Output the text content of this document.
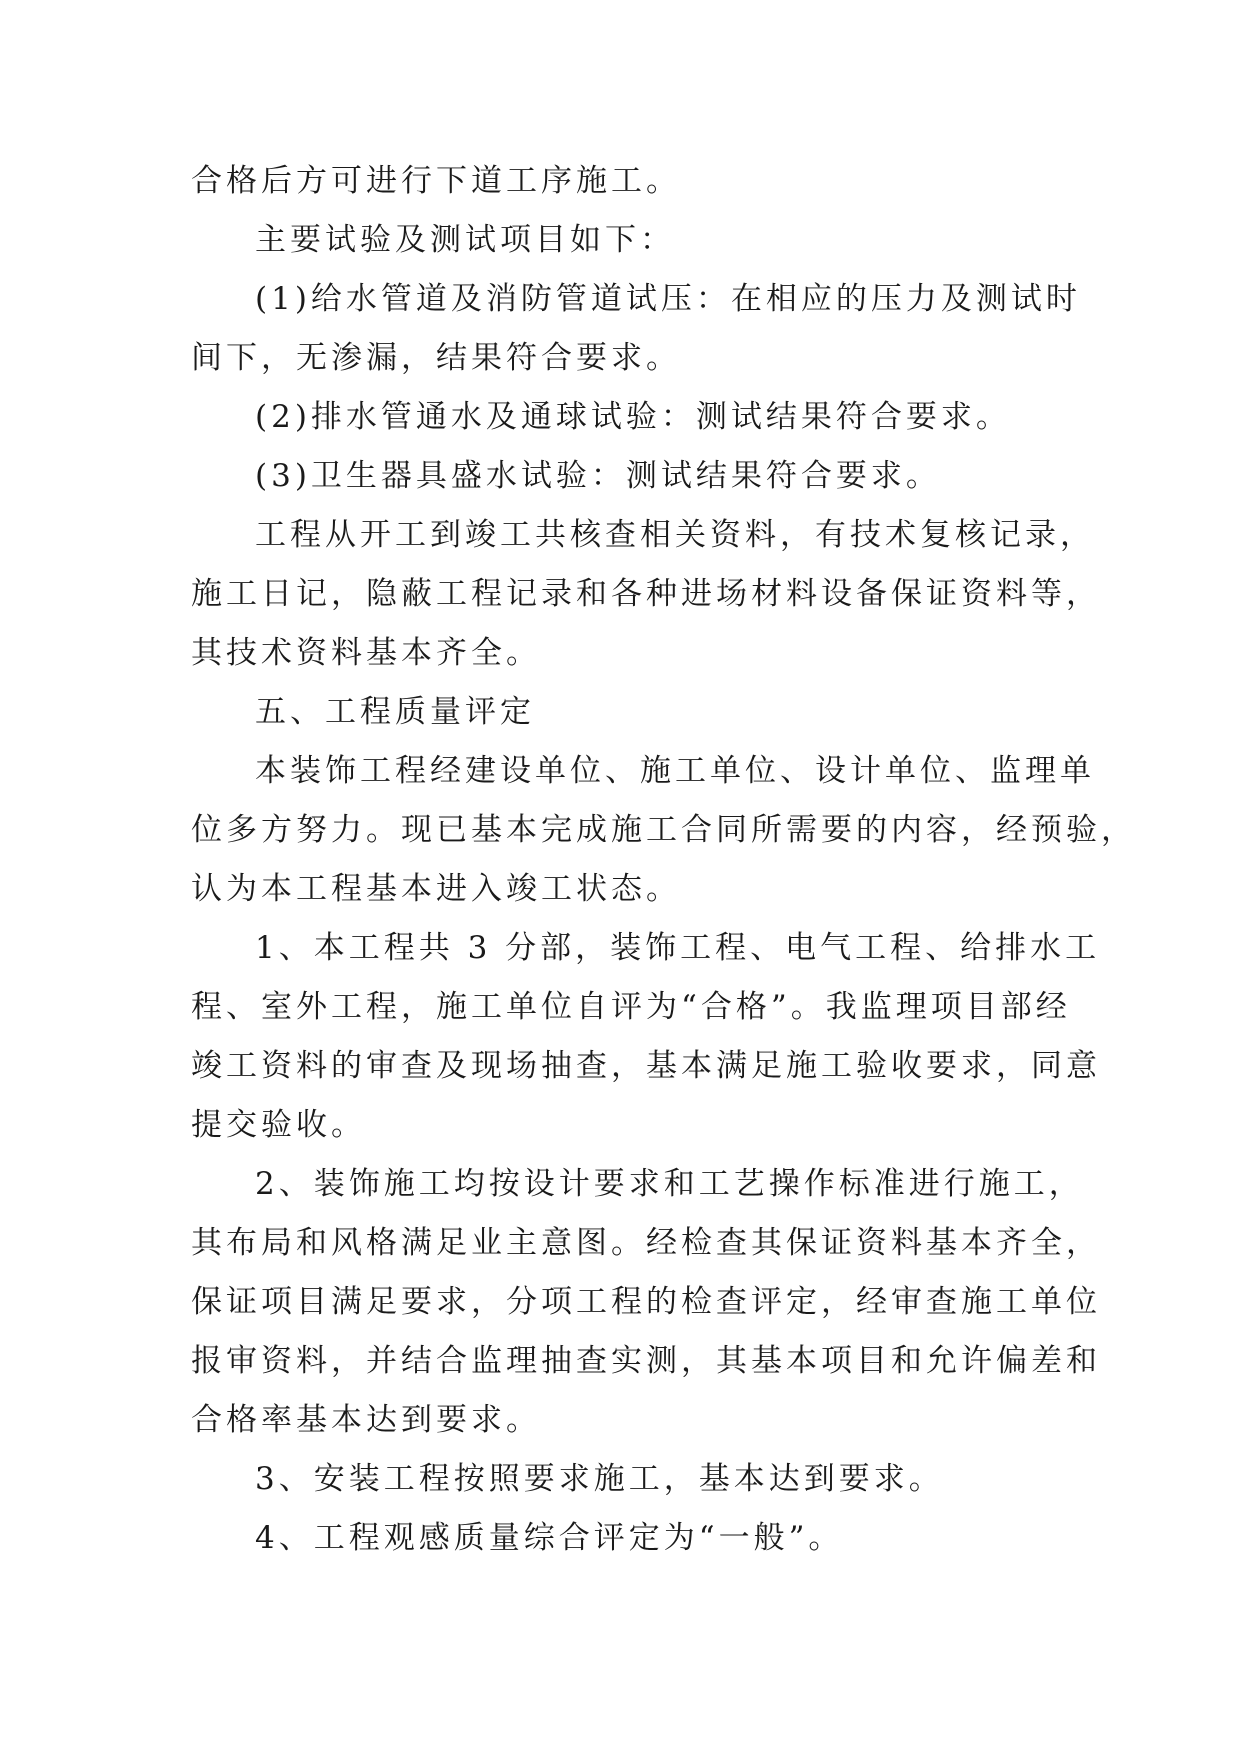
合格后方可进行下道工序施工。
主要试验及测试项目如下：
(1)给水管道及消防管道试压：在相应的压力及测试时
间下，无渗漏，结果符合要求。
(2)排水管通水及通球试验：测试结果符合要求。
(3)卫生器具盛水试验：测试结果符合要求。
工程从开工到竣工共核查相关资料，有技术复核记录，
施工日记，隐蔽工程记录和各种进场材料设备保证资料等，
其技术资料基本齐全。
五、工程质量评定
本装饰工程经建设单位、施工单位、设计单位、监理单
位多方努力。现已基本完成施工合同所需要的内容，经预验，
认为本工程基本进入竣工状态。
1、本工程共 3 分部，装饰工程、电气工程、给排水工
程、室外工程，施工单位自评为“合格”。我监理项目部经
竣工资料的审查及现场抽查，基本满足施工验收要求，同意
提交验收。
2、装饰施工均按设计要求和工艺操作标准进行施工，
其布局和风格满足业主意图。经检查其保证资料基本齐全，
保证项目满足要求，分项工程的检查评定，经审查施工单位
报审资料，并结合监理抽查实测，其基本项目和允许偏差和
合格率基本达到要求。
3、安装工程按照要求施工，基本达到要求。
4、工程观感质量综合评定为“一般”。
